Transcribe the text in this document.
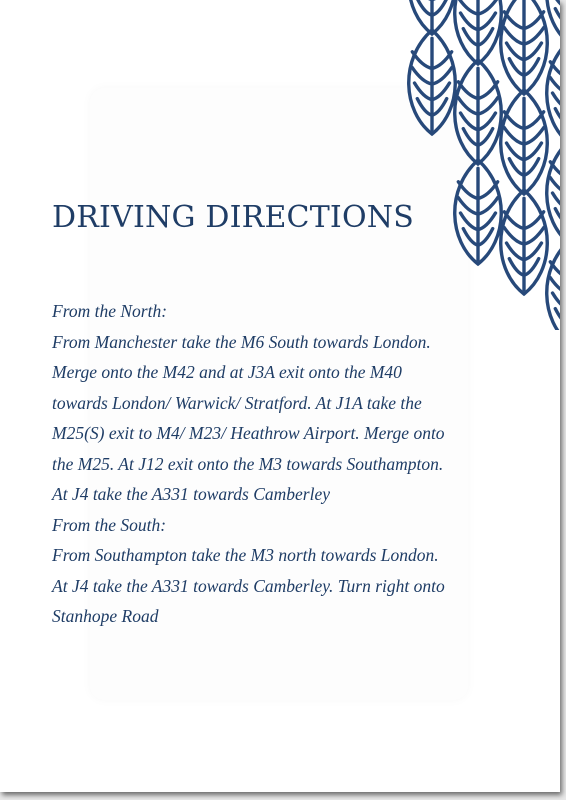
DRIVING DIRECTIONS
From the North:
From Manchester take the M6 South towards London.
Merge onto the M42 and at J3A exit onto the M40
towards London/ Warwick/ Stratford. At J1A take the
M25(S) exit to M4/ M23/ Heathrow Airport. Merge onto
the M25. At J12 exit onto the M3 towards Southampton.
At J4 take the A331 towards Camberley
From the South:
From Southampton take the M3 north towards London.
At J4 take the A331 towards Camberley. Turn right onto
Stanhope Road
